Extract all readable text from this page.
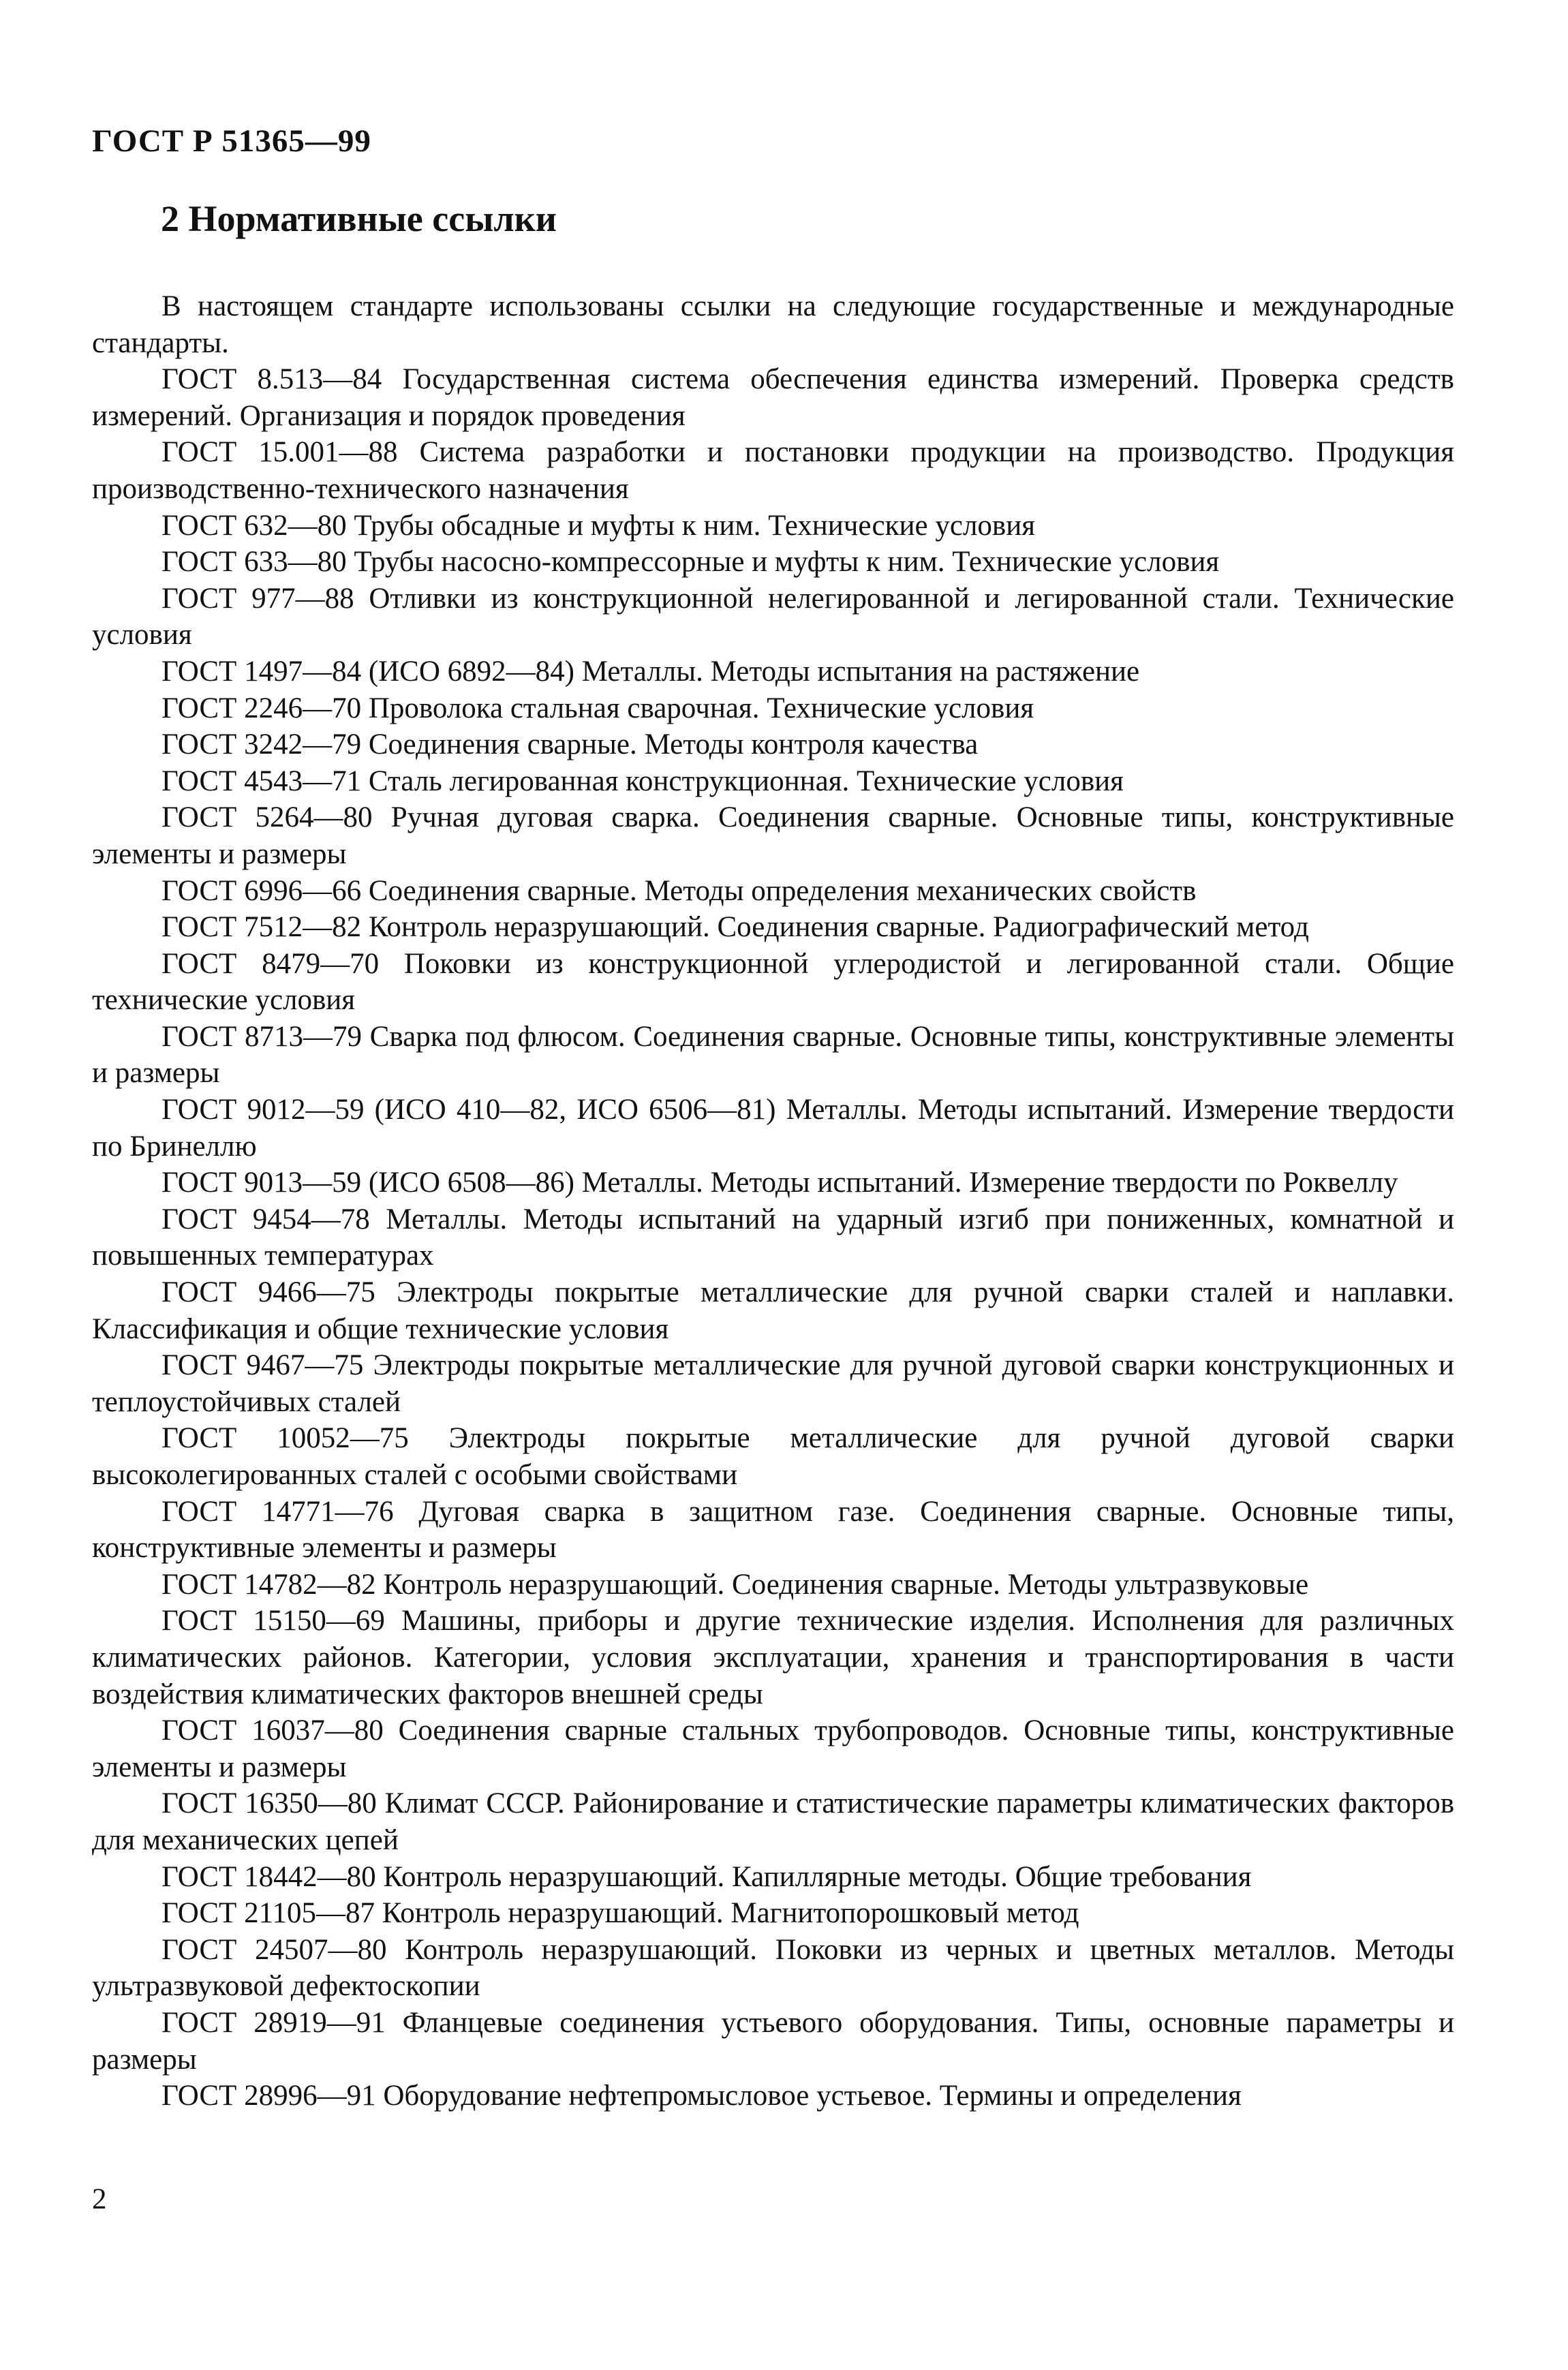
ГОСТ Р 51365—99
2 Нормативные ссылки

В настоящем стандарте использованы ссылки на следующие государственные и международные стандарты.

ГОСТ 8.513—84 Государственная система обеспечения единства измерений. Проверка средств измерений. Организация и порядок проведения

ГОСТ 15.001—88 Система разработки и постановки продукции на производство. Продукция производственно-технического назначения

ГОСТ 632—80 Трубы обсадные и муфты к ним. Технические условия

ГОСТ 633—80 Трубы насосно-компрессорные и муфты к ним. Технические условия

ГОСТ 977—88 Отливки из конструкционной нелегированной и легированной стали. Технические условия

ГОСТ 1497—84 (ИСО 6892—84) Металлы. Методы испытания на растяжение

ГОСТ 2246—70 Проволока стальная сварочная. Технические условия

ГОСТ 3242—79 Соединения сварные. Методы контроля качества

ГОСТ 4543—71 Сталь легированная конструкционная. Технические условия

ГОСТ 5264—80 Ручная дуговая сварка. Соединения сварные. Основные типы, конструктивные элементы и размеры

ГОСТ 6996—66 Соединения сварные. Методы определения механических свойств

ГОСТ 7512—82 Контроль неразрушающий. Соединения сварные. Радиографический метод

ГОСТ 8479—70 Поковки из конструкционной углеродистой и легированной стали. Общие технические условия

ГОСТ 8713—79 Сварка под флюсом. Соединения сварные. Основные типы, конструктивные элементы и размеры

ГОСТ 9012—59 (ИСО 410—82, ИСО 6506—81) Металлы. Методы испытаний. Измерение твердости по Бринеллю

ГОСТ 9013—59 (ИСО 6508—86) Металлы. Методы испытаний. Измерение твердости по Роквеллу

ГОСТ 9454—78 Металлы. Методы испытаний на ударный изгиб при пониженных, комнатной и повышенных температурах

ГОСТ 9466—75 Электроды покрытые металлические для ручной сварки сталей и наплавки. Классификация и общие технические условия

ГОСТ 9467—75 Электроды покрытые металлические для ручной дуговой сварки конструкционных и теплоустойчивых сталей

ГОСТ 10052—75 Электроды покрытые металлические для ручной дуговой сварки высоколегированных сталей с особыми свойствами

ГОСТ 14771—76 Дуговая сварка в защитном газе. Соединения сварные. Основные типы, конструктивные элементы и размеры

ГОСТ 14782—82 Контроль неразрушающий. Соединения сварные. Методы ультразвуковые

ГОСТ 15150—69 Машины, приборы и другие технические изделия. Исполнения для различных климатических районов. Категории, условия эксплуатации, хранения и транспортирования в части воздействия климатических факторов внешней среды

ГОСТ 16037—80 Соединения сварные стальных трубопроводов. Основные типы, конструктивные элементы и размеры

ГОСТ 16350—80 Климат СССР. Районирование и статистические параметры климатических факторов для механических цепей

ГОСТ 18442—80 Контроль неразрушающий. Капиллярные методы. Общие требования

ГОСТ 21105—87 Контроль неразрушающий. Магнитопорошковый метод

ГОСТ 24507—80 Контроль неразрушающий. Поковки из черных и цветных металлов. Методы ультразвуковой дефектоскопии

ГОСТ 28919—91 Фланцевые соединения устьевого оборудования. Типы, основные параметры и размеры

ГОСТ 28996—91 Оборудование нефтепромысловое устьевое. Термины и определения

2
